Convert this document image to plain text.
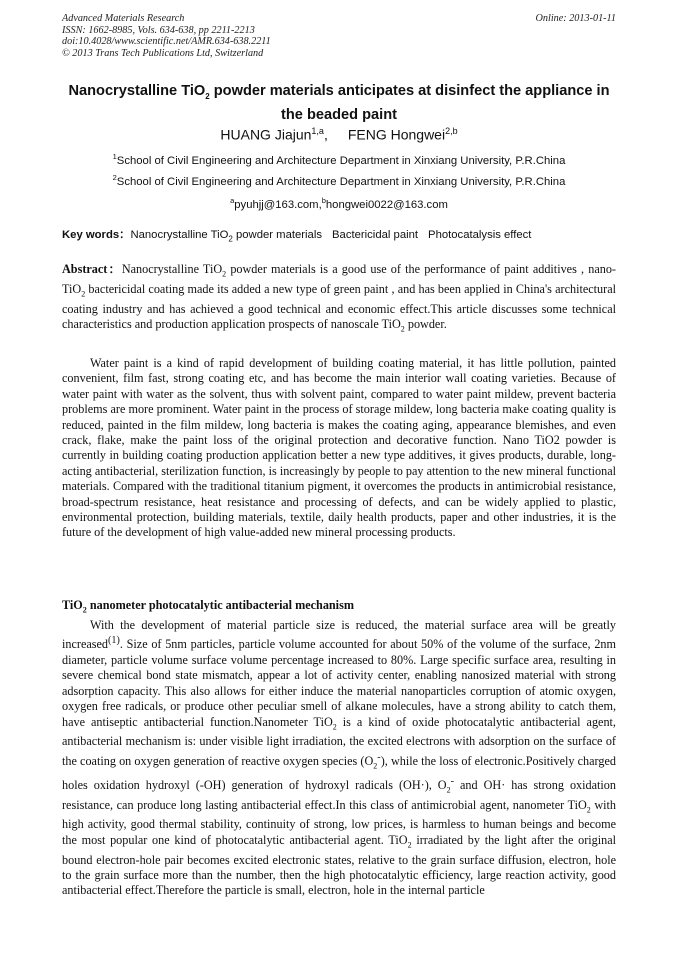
Advanced Materials Research
ISSN: 1662-8985, Vols. 634-638, pp 2211-2213
doi:10.4028/www.scientific.net/AMR.634-638.2211
© 2013 Trans Tech Publications Ltd, Switzerland
Online: 2013-01-11
Nanocrystalline TiO$_2$ powder materials anticipates at disinfect the appliance in the beaded paint
HUANG Jiajun$^{1,a}$, FENG Hongwei$^{2,b}$
$^1$School of Civil Engineering and Architecture Department in Xinxiang University, P.R.China
$^2$School of Civil Engineering and Architecture Department in Xinxiang University, P.R.China
$^a$pyuhjj@163.com,$^b$hongwei0022@163.com
Key words：Nanocrystalline TiO$_2$ powder materials Bactericidal paint Photocatalysis effect
Abstract：Nanocrystalline TiO$_2$ powder materials is a good use of the performance of paint additives , nano-TiO$_2$ bactericidal coating made its added a new type of green paint , and has been applied in China's architectural coating industry and has achieved a good technical and economic effect.This article discusses some technical characteristics and production application prospects of nanoscale TiO$_2$ powder.
Water paint is a kind of rapid development of building coating material, it has little pollution, painted convenient, film fast, strong coating etc, and has become the main interior wall coating varieties. Because of water paint with water as the solvent, thus with solvent paint, compared to water paint mildew, prevent bacteria problems are more prominent. Water paint in the process of storage mildew, long bacteria make coating quality is reduced, painted in the film mildew, long bacteria is makes the coating aging, appearance blemishes, and even crack, flake, make the paint loss of the original protection and decorative function. Nano TiO2 powder is currently in building coating production application better a new type additives, it gives products, durable, long-acting antibacterial, sterilization function, is increasingly by people to pay attention to the new mineral functional materials. Compared with the traditional titanium pigment, it overcomes the products in antimicrobial resistance, broad-spectrum resistance, heat resistance and processing of defects, and can be widely applied to plastic, environmental protection, building materials, textile, daily health products, paper and other industries, it is the future of the development of high value-added new mineral processing products.
TiO$_2$ nanometer photocatalytic antibacterial mechanism
With the development of material particle size is reduced, the material surface area will be greatly increased$^{(1)}$. Size of 5nm particles, particle volume accounted for about 50% of the volume of the surface, 2nm diameter, particle volume surface volume percentage increased to 80%. Large specific surface area, resulting in severe chemical bond state mismatch, appear a lot of activity center, enabling nanosized material with strong adsorption capacity. This also allows for either induce the material nanoparticles corruption of atomic oxygen, oxygen free radicals, or produce other peculiar smell of alkane molecules, have a strong ability to catch them, have antiseptic antibacterial function.Nanometer TiO$_2$ is a kind of oxide photocatalytic antibacterial agent, antibacterial mechanism is: under visible light irradiation, the excited electrons with adsorption on the surface of the coating on oxygen generation of reactive oxygen species $(O_2^-)$, while the loss of electronic.Positively charged holes oxidation hydroxyl (-OH) generation of hydroxyl radicals (OH·), $O_2^-$ and OH· has strong oxidation resistance, can produce long lasting antibacterial effect.In this class of antimicrobial agent, nanometer TiO$_2$ with high activity, good thermal stability, continuity of strong, low prices, is harmless to human beings and become the most popular one kind of photocatalytic antibacterial agent. TiO$_2$ irradiated by the light after the original bound electron-hole pair becomes excited electronic states, relative to the grain surface diffusion, electron, hole to the grain surface more than the number, then the high photocatalytic efficiency, large reaction activity, good antibacterial effect.Therefore the particle is small, electron, hole in the internal particle
